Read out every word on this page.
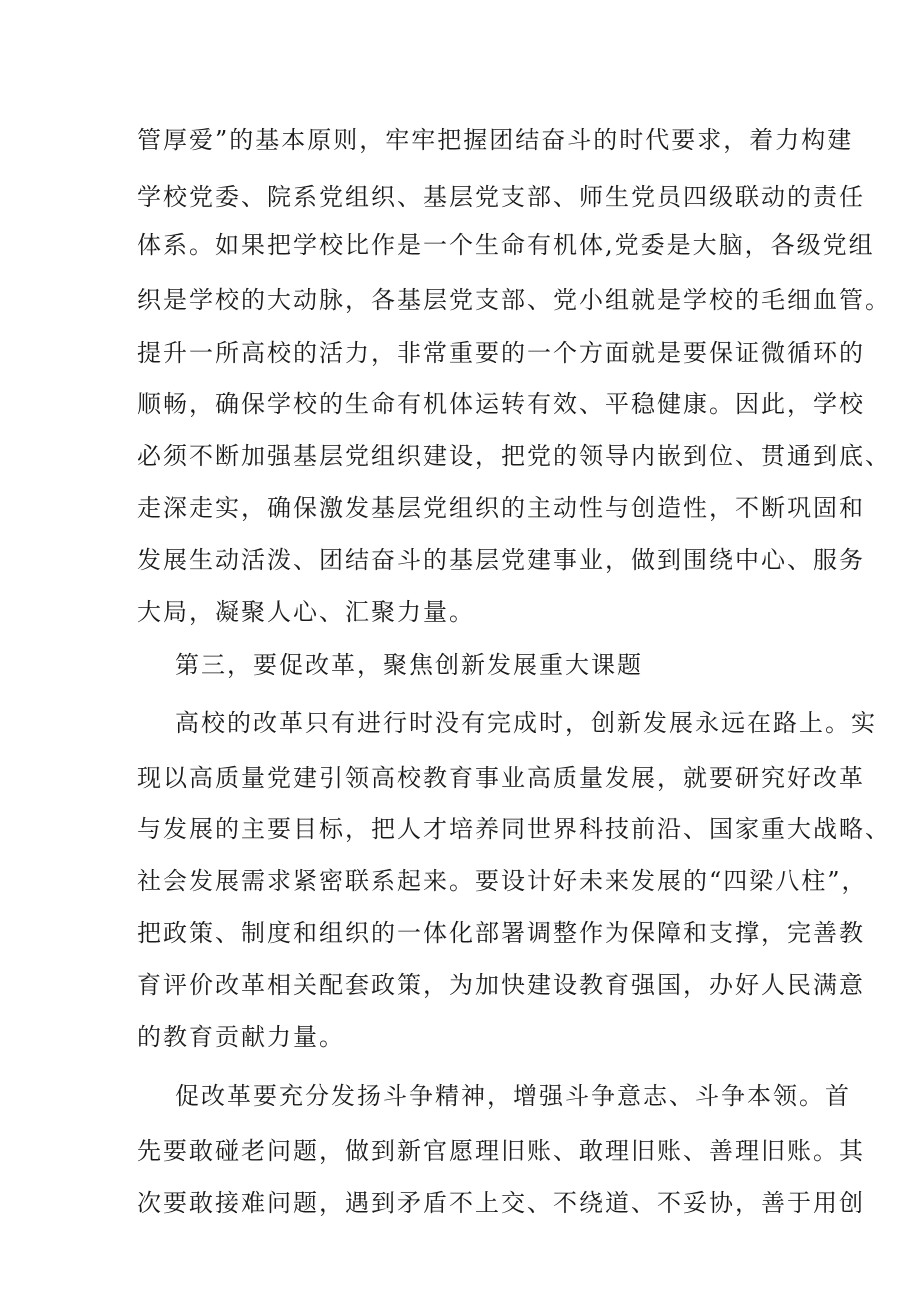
管厚爱”的基本原则，牢牢把握团结奋斗的时代要求，着力构建
学校党委、院系党组织、基层党支部、师生党员四级联动的责任
体系。如果把学校比作是一个生命有机体,党委是大脑，各级党组
织是学校的大动脉，各基层党支部、党小组就是学校的毛细血管。
提升一所高校的活力，非常重要的一个方面就是要保证微循环的
顺畅，确保学校的生命有机体运转有效、平稳健康。因此，学校
必须不断加强基层党组织建设，把党的领导内嵌到位、贯通到底、
走深走实，确保激发基层党组织的主动性与创造性，不断巩固和
发展生动活泼、团结奋斗的基层党建事业，做到围绕中心、服务
大局，凝聚人心、汇聚力量。
第三，要促改革，聚焦创新发展重大课题
高校的改革只有进行时没有完成时，创新发展永远在路上。实
现以高质量党建引领高校教育事业高质量发展，就要研究好改革
与发展的主要目标，把人才培养同世界科技前沿、国家重大战略、
社会发展需求紧密联系起来。要设计好未来发展的“四梁八柱”，
把政策、制度和组织的一体化部署调整作为保障和支撑，完善教
育评价改革相关配套政策，为加快建设教育强国，办好人民满意
的教育贡献力量。
促改革要充分发扬斗争精神，增强斗争意志、斗争本领。首
先要敢碰老问题，做到新官愿理旧账、敢理旧账、善理旧账。其
次要敢接难问题，遇到矛盾不上交、不绕道、不妥协，善于用创
